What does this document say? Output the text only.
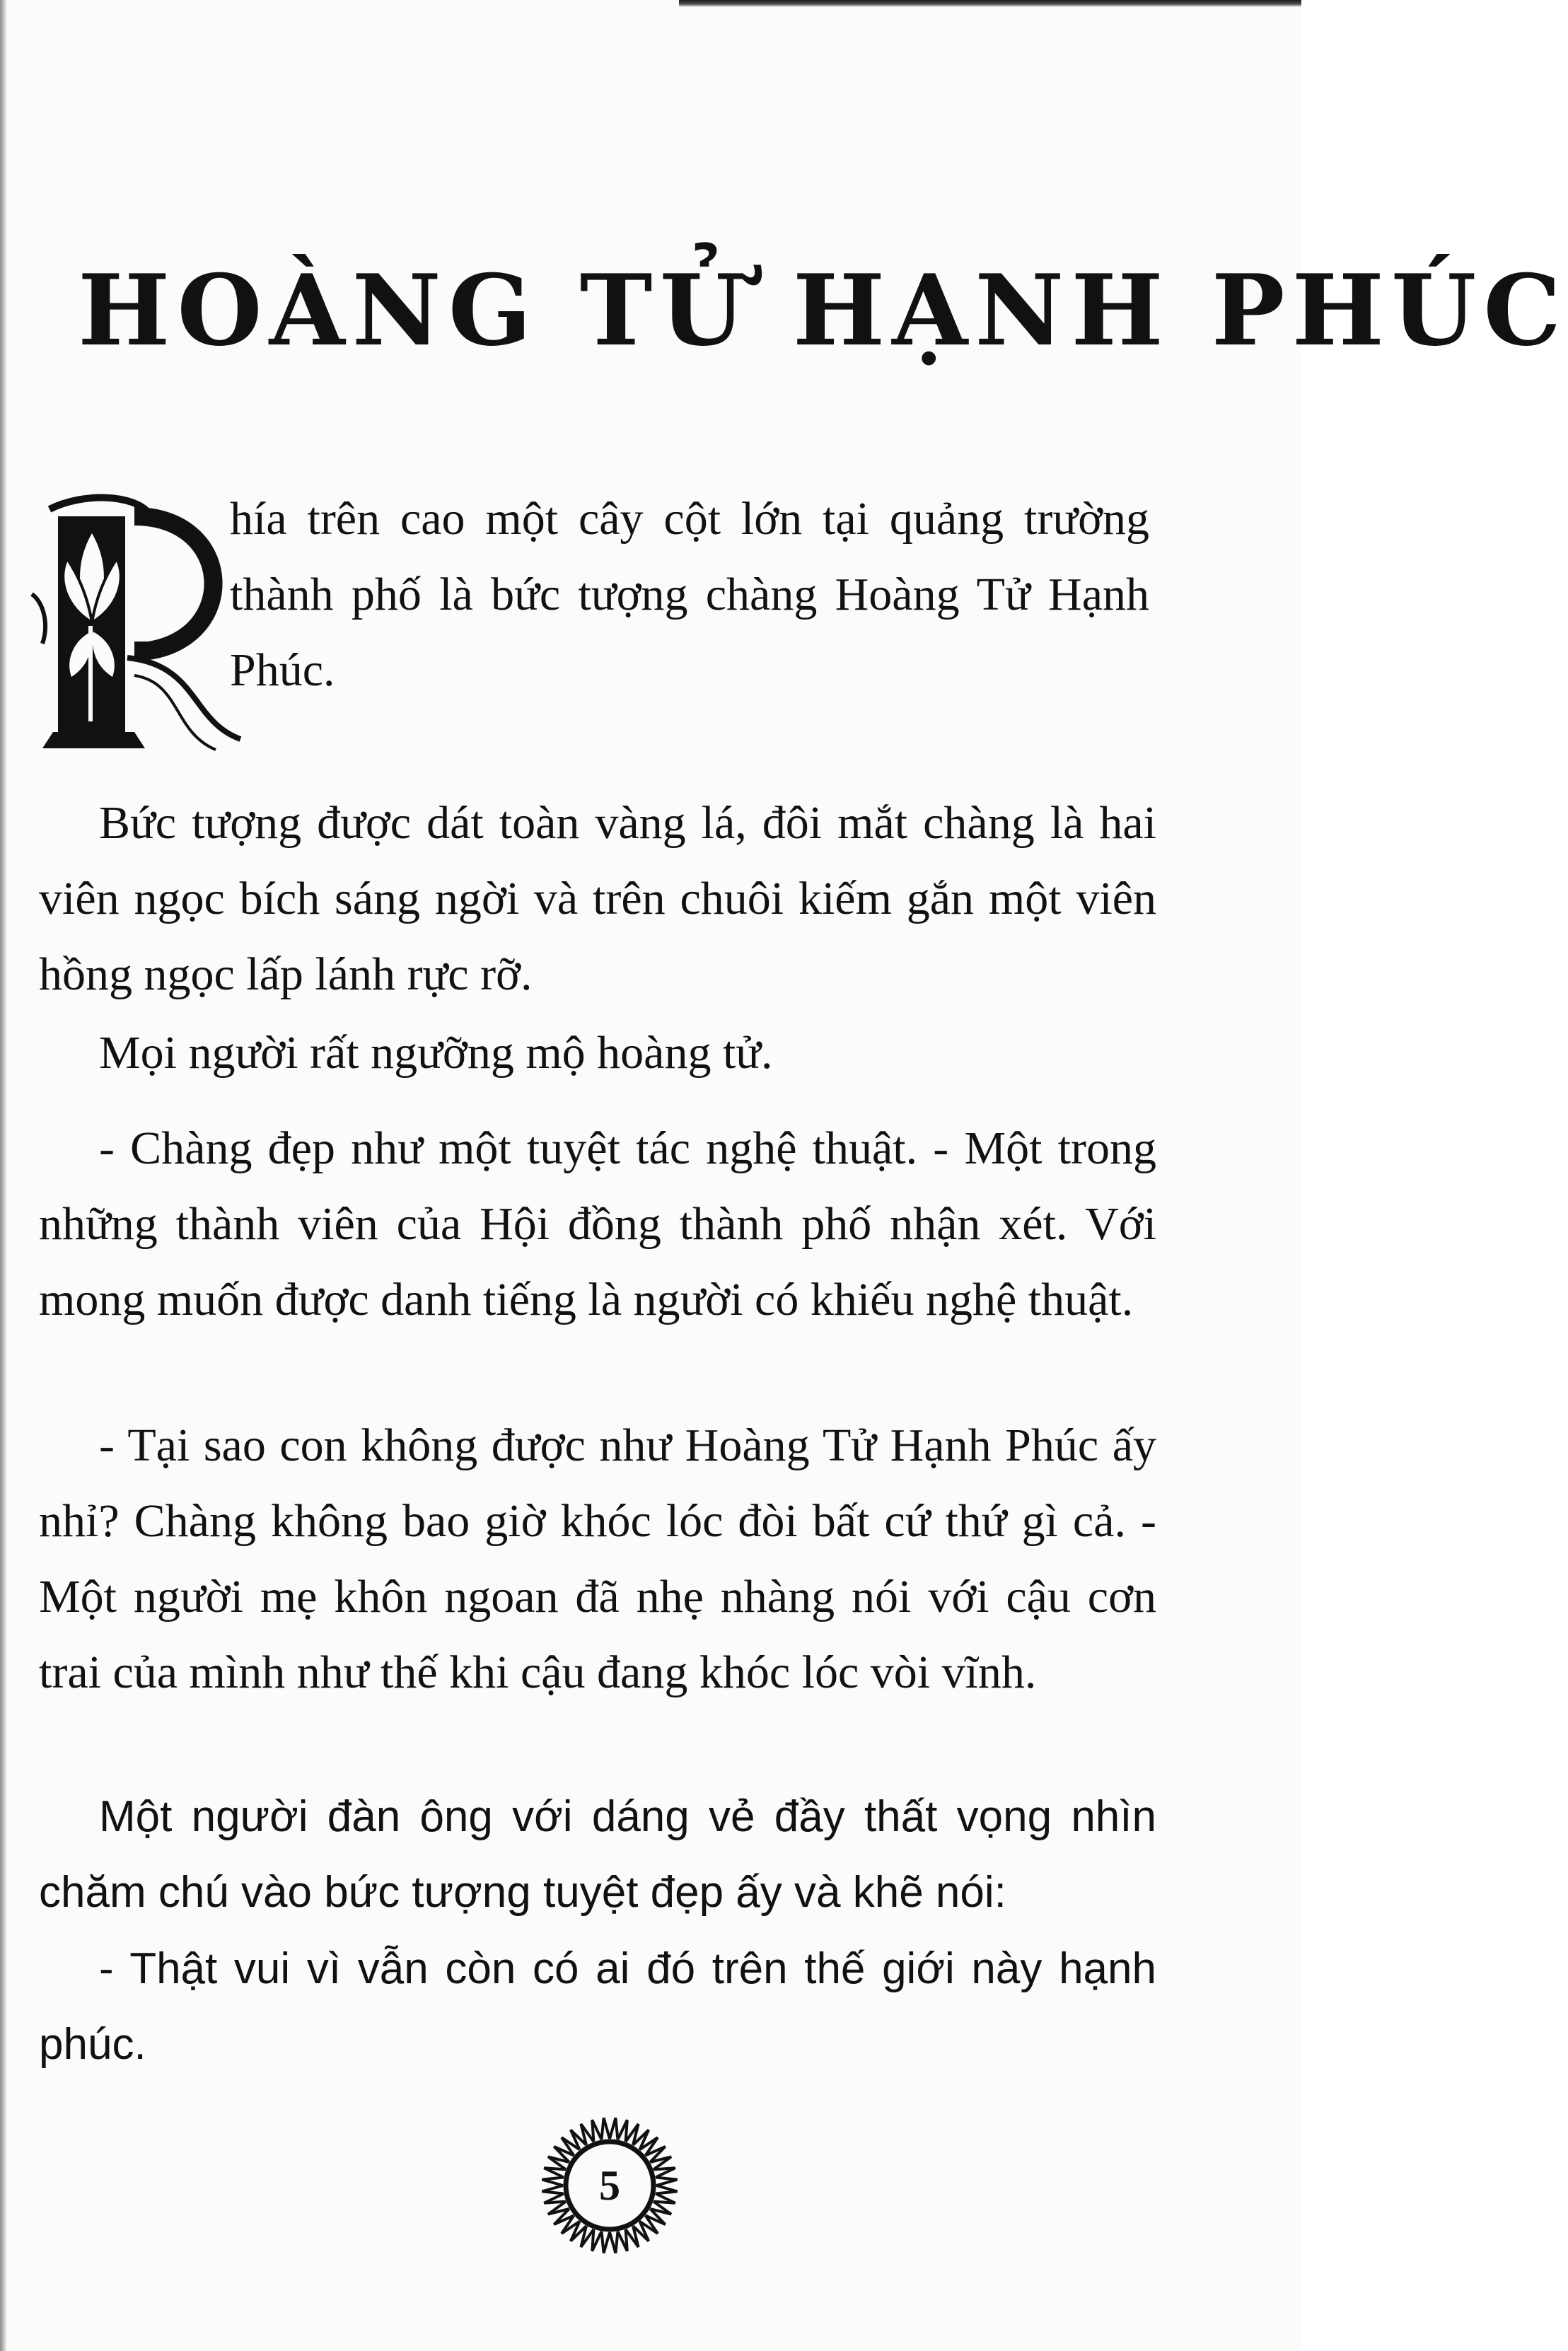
HOÀNG TỬ HẠNH PHÚC

hía trên cao một cây cột lớn tại quảng trường thành phố là bức tượng chàng Hoàng Tử Hạnh Phúc.

Bức tượng được dát toàn vàng lá, đôi mắt chàng là hai viên ngọc bích sáng ngời và trên chuôi kiếm gắn một viên hồng ngọc lấp lánh rực rỡ.

Mọi người rất ngưỡng mộ hoàng tử.

- Chàng đẹp như một tuyệt tác nghệ thuật. - Một trong những thành viên của Hội đồng thành phố nhận xét. Với mong muốn được danh tiếng là người có khiếu nghệ thuật.

- Tại sao con không được như Hoàng Tử Hạnh Phúc ấy nhỉ? Chàng không bao giờ khóc lóc đòi bất cứ thứ gì cả. - Một người mẹ khôn ngoan đã nhẹ nhàng nói với cậu cơn trai của mình như thế khi cậu đang khóc lóc vòi vĩnh.

Một người đàn ông với dáng vẻ đầy thất vọng nhìn chăm chú vào bức tượng tuyệt đẹp ấy và khẽ nói:

- Thật vui vì vẫn còn có ai đó trên thế giới này hạnh phúc.

5
